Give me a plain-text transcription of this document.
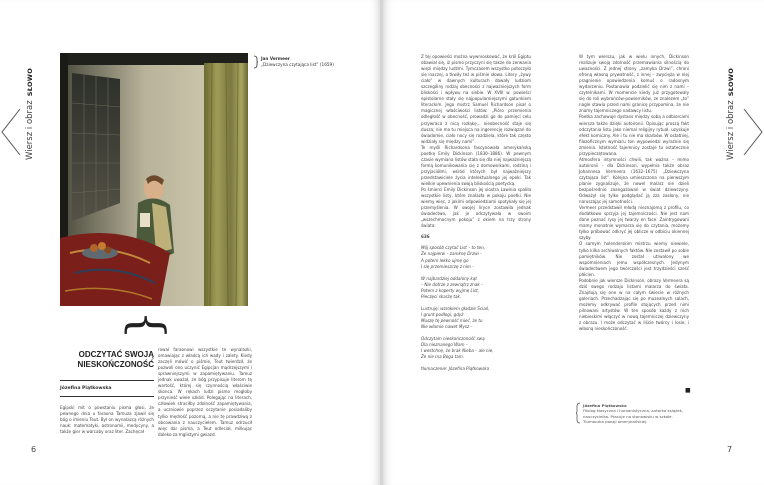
Wiersz i obrazSŁOWO
Jan Vermeer
„Dziewczyna czytająca list” (1659)
{
ODCZYTAĆ SWOJĄ
NIESKOŃCZONOŚĆ
Józefina Piątkowska

Egipski mit o powstaniu pisma głosi, że pewnego dnia u faraona Tamuza zjawił się bóg o imieniu Teut. Był on wynalazcą różnych nauk: matematyki, astronomii, medycyny, a także gier w warcaby oraz liter. Zachęcał

rowal faraonowi wszystkie te wynalazki, omawiając z władcą ich wady i zalety. Kiedy zaczęli mówić o piśmie, Teut twierdził, że pozwoli ono uczynić Egipcjan mądrzejszymi i sprawniejszymi w zapamiętywaniu. Tamuz jednak uważał, że bóg przypisuje literom tę wartość, której się czynnością właściwie skonca. W rękach ludzi pismo mogłoby przynieść wiele szkód. Polegając na literach, człowiek straciłby zdolność zapamiętywania, a uczniowie poprzez oczytanie posiadaliby tylko mędrość pozorną, a nie tę prawdziwą z obcowania z nauczycielem. Tamuz odrzucił więc dar pisma, a Teut odleciał, milkując daleko za mglistymi gwiazd.

6

Z tej opowieści można wywnioskować, że król Egiptu obawiał się, iż pismo przyczyni się także do zerwania więzi między ludźmi. Tymczasem wszystko potoczyło się inaczej, a tkwiły też w piśmie słowa. Litery „żywy ciało” w dawnych kulturach dawały ludziom szczególny rodzaj obecności z najważniejszych form bliskości i wpływu na siebie. W XVIII w. powieści epistolarne stały się najpopularniejszymi gatunkiem literackim. Jego mistrz Samuel Richardson pisał o magicznej właściwości listów: „Pióro przemienia odległość w obecność, prowadzi go do pamięci celu przywraca z nicą rozłąkę... nieobecność staje się dusza; nie ma tu miejsca na ingerencję rozwiązań do świadomie, ciało nocy się rozdziela, które tak często widziały się między nami”.
Te myśli Richardsona fascynowała amerykańską poetkę Emily Dickinson (1830–1886). W pewnym czasie wymiana listów stała się dla niej najważniejszą formą komunikowania się z domownikami, rodziną i przyjaciółmi, wśród których był najważniejszy przedstawiciele życia intelektualnego jej epoki. Tak wielkie upewnienia swoją bliskością poetycką.
Po śmierci Emily Dickinson jej siostra Lawinia spaliła wszystkie listy, które znalazła w pokoju poetki. Nie wiemy więc, z jakimi odpowiedziami spotykały się jej przemyślenia. W swojej liryce zostawiła jednak świadectwo, jak je odczytywała w swoim „wszechmocnym pokoju” z okiem na trzy strony świata:

636
Mój sposób czytać List – to ten,
Że najpierw – zamknę Drzwi –
A potem lekko ujmę go
I się przemieszczę z nim –
W najbardziej oddalony kąt
– Nie dotrze z zewnątrz znak –
Potem z koperty wyjmę List,
Pieczęci skarżę tak.
Lustruję: wzrokiem gładzie Ściań,
I grunt podłogi, gdyż
Muszę tę pewność mieć, że tu
Nie włamie nawet Mysz –
Odczytam nieskończoność swą
Dla nieznanego Wam –
I westchnę, że brak Nieba – ale nie,
Że nie ma Boga tam.
tłumaczenie: Józefina Piątkowska

W tym wierszu, jak w wielu innych, Dickinson realizuje swoją zdolność przemawiania silnością do uwazności. Z jednej strony „zamyka Drzwi”, chroni ofroną własną prywatność, z innej – zwycięża w niej pragnienie opowiedzenia komuś o radosnym wydarzeniu. Postanawia podzielić się nim z nami – czytelnikami. W momencie kiedy już przygotowały się do roli wybrańców-powierników, ze znalezem „to” nagle stawia przed nami granicę przypomina, że nie znamy tajemniczego nadawcy listu.
Poetka zachowuje dystans między sobą a odbiorcami wiersza także dzięki autoironii. Opisując proszą fakt odczytania listu jako niemal religijny rytuał, uzyskuje efekt komiczny. Ale i tu nie ma skarbów. W ostatniej, filozoficznym wymiaru ton wypowiedzi wyraźnie się zmienia. Istotność tajemnicy zostaje tu ostatecznie przypieczętowana.
Atmosfera intymności chwili, tak ważna – mimo autoironii – dla Dickinson, wypełnia także obraz Johannesa Vermeera (1632–1675) „Dziewczyna czytająca list”. Kolejna umieszczona na pierwszym planie zygnalizuje, że nowel malarz nie dzieli bezpośrednio zaangażowań w świat dziewczyny. Odważył się tylko podglądać ją zza zasłony, nie naruszając jej samotności.
Vermeer przedstawił młodą nieznajomą z profilu, co dodatkowo sprzyja jej tajemniczości. Nie jest nam dane poznać rysy jej twarzy en face. Zaintrygowani mamy monatnie wymarza się do czytania, możemy tylko próbować odkryć jej oblicze w odbiciu okiennej szyby.
O samym holenderskim mistrzu wiemy niewiele, tylko kilka archiwalnych faktów. Nie zostawił po sobie pamiętników. Nie został utrwalony we wspomnieniach jemu współczesnych. Jedynym świadectwem jego twórczości jest trzydzieści sześć płócien.
Podobnie jak wiersze Dickinson, obrazy Vermeera są dziś swego rodzaju listami malarza do świata. Znajdują się one w na całym świecie w różnych galeriach. Przechadzając się po muzealnych salach, możemy odkrywać profile stojących przed nimi pilnowani artystów. W ten sposób każdy z nich niebieskimi włączyć w nową tajemniczej dziewczyny z obrazu. I może odczytać w liście twórcy i losie, i własną nieskończoność.

■
Józefina Piątkowska
Filolog klasyczna i humanistyczna, autorka książek, nauczycielka. Pracuje na stanowisku w szkole. Tłumaczka poezji amerykańskiej.
Wiersz i obrazSŁOWO
7
